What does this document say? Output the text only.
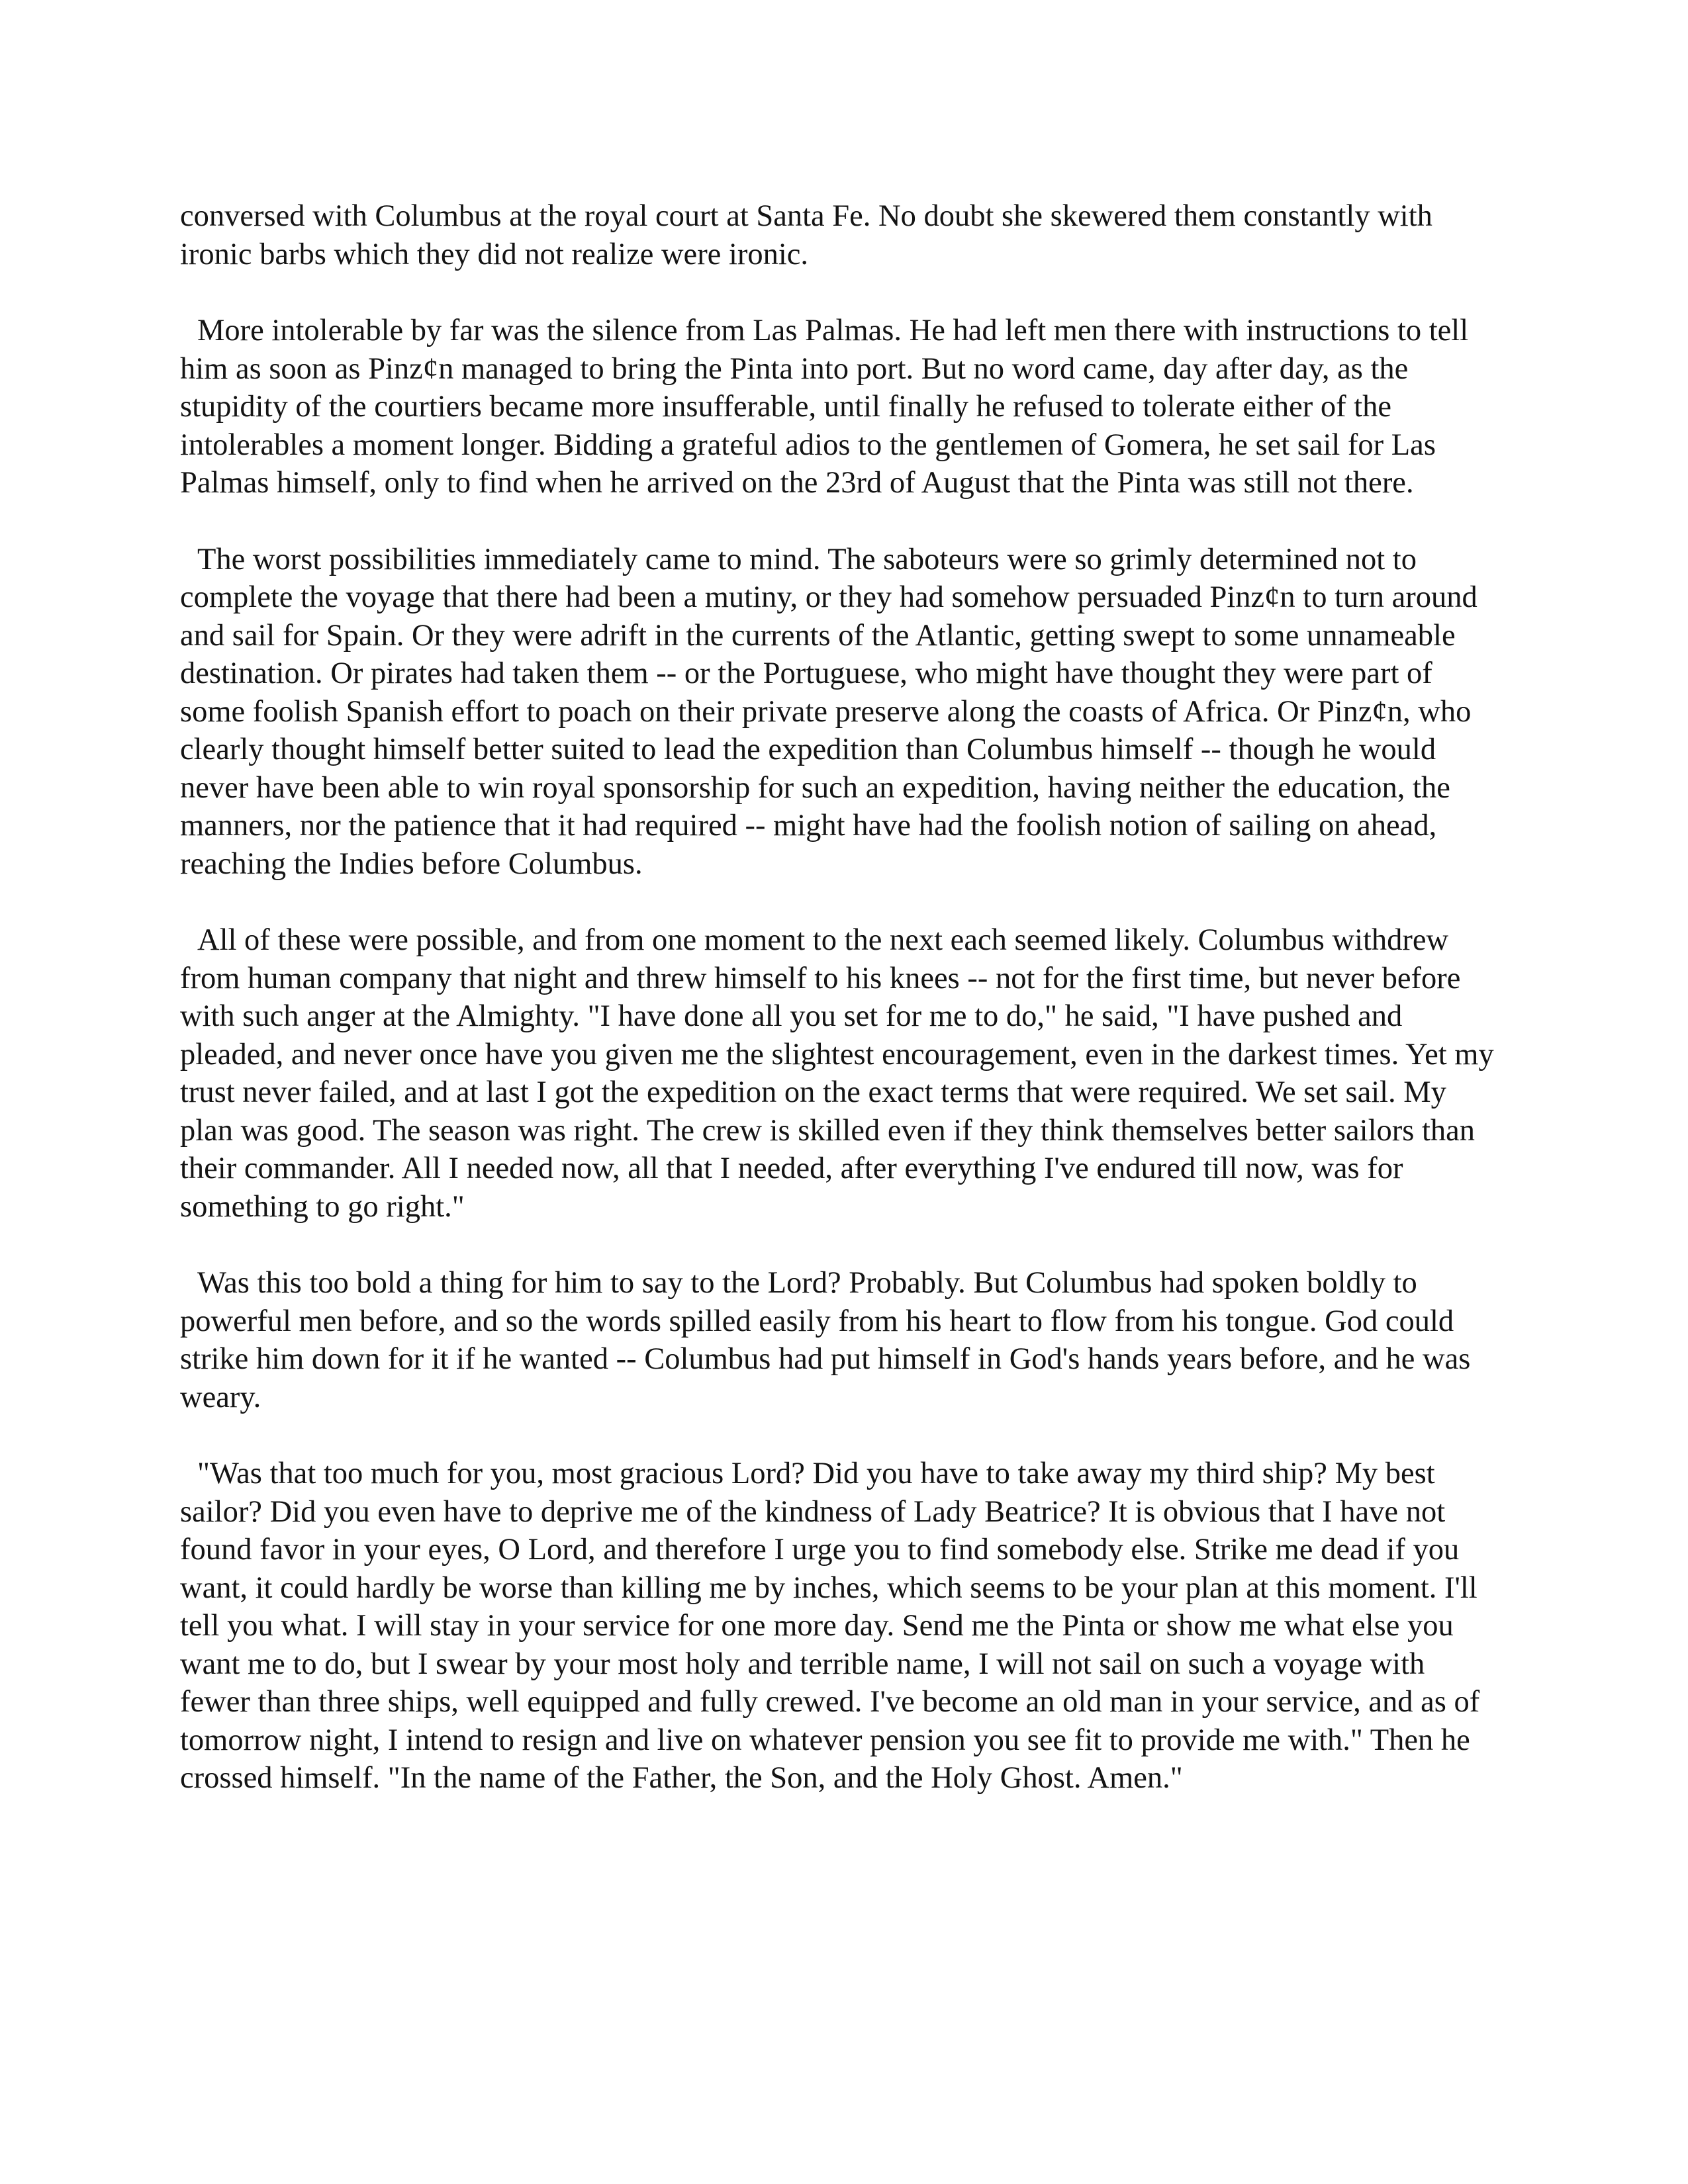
conversed with Columbus at the royal court at Santa Fe. No doubt she skewered them constantly with ironic barbs which they did not realize were ironic.

More intolerable by far was the silence from Las Palmas. He had left men there with instructions to tell him as soon as Pinz¢n managed to bring the Pinta into port. But no word came, day after day, as the stupidity of the courtiers became more insufferable, until finally he refused to tolerate either of the intolerables a moment longer. Bidding a grateful adios to the gentlemen of Gomera, he set sail for Las Palmas himself, only to find when he arrived on the 23rd of August that the Pinta was still not there.

The worst possibilities immediately came to mind. The saboteurs were so grimly determined not to complete the voyage that there had been a mutiny, or they had somehow persuaded Pinz¢n to turn around and sail for Spain. Or they were adrift in the currents of the Atlantic, getting swept to some unnameable destination. Or pirates had taken them -- or the Portuguese, who might have thought they were part of some foolish Spanish effort to poach on their private preserve along the coasts of Africa. Or Pinz¢n, who clearly thought himself better suited to lead the expedition than Columbus himself -- though he would never have been able to win royal sponsorship for such an expedition, having neither the education, the manners, nor the patience that it had required -- might have had the foolish notion of sailing on ahead, reaching the Indies before Columbus.

All of these were possible, and from one moment to the next each seemed likely. Columbus withdrew from human company that night and threw himself to his knees -- not for the first time, but never before with such anger at the Almighty. "I have done all you set for me to do," he said, "I have pushed and pleaded, and never once have you given me the slightest encouragement, even in the darkest times. Yet my trust never failed, and at last I got the expedition on the exact terms that were required. We set sail. My plan was good. The season was right. The crew is skilled even if they think themselves better sailors than their commander. All I needed now, all that I needed, after everything I've endured till now, was for something to go right."

Was this too bold a thing for him to say to the Lord? Probably. But Columbus had spoken boldly to powerful men before, and so the words spilled easily from his heart to flow from his tongue. God could strike him down for it if he wanted -- Columbus had put himself in God's hands years before, and he was weary.

"Was that too much for you, most gracious Lord? Did you have to take away my third ship? My best sailor? Did you even have to deprive me of the kindness of Lady Beatrice? It is obvious that I have not found favor in your eyes, O Lord, and therefore I urge you to find somebody else. Strike me dead if you want, it could hardly be worse than killing me by inches, which seems to be your plan at this moment. I'll tell you what. I will stay in your service for one more day. Send me the Pinta or show me what else you want me to do, but I swear by your most holy and terrible name, I will not sail on such a voyage with fewer than three ships, well equipped and fully crewed. I've become an old man in your service, and as of tomorrow night, I intend to resign and live on whatever pension you see fit to provide me with." Then he crossed himself. "In the name of the Father, the Son, and the Holy Ghost. Amen."
